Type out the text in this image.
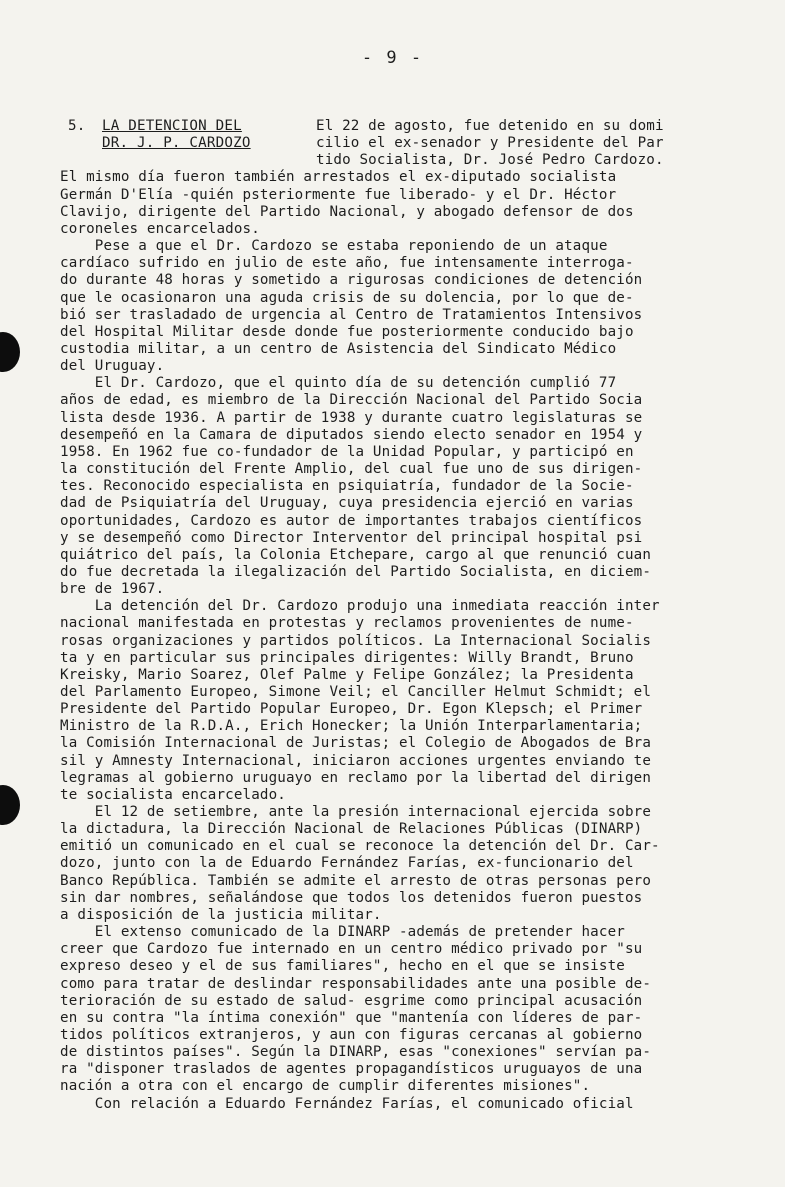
- 9 -
5. LA DETENCION DEL
DR. J. P. CARDOZO
El 22 de agosto, fue detenido en su domi
cilio el ex-senador y Presidente del Par
tido Socialista, Dr. José Pedro Cardozo.
El mismo día fueron también arrestados el ex-diputado socialista
Germán D'Elía -quién psteriormente fue liberado- y el Dr. Héctor
Clavijo, dirigente del Partido Nacional, y abogado defensor de dos
coroneles encarcelados.
Pese a que el Dr. Cardozo se estaba reponiendo de un ataque
cardíaco sufrido en julio de este año, fue intensamente interroga-
do durante 48 horas y sometido a rigurosas condiciones de detención
que le ocasionaron una aguda crisis de su dolencia, por lo que de-
bió ser trasladado de urgencia al Centro de Tratamientos Intensivos
del Hospital Militar desde donde fue posteriormente conducido bajo
custodia militar, a un centro de Asistencia del Sindicato Médico
del Uruguay.
El Dr. Cardozo, que el quinto día de su detención cumplió 77
años de edad, es miembro de la Dirección Nacional del Partido Socia
lista desde 1936. A partir de 1938 y durante cuatro legislaturas se
desempeñó en la Camara de diputados siendo electo senador en 1954 y
1958. En 1962 fue co-fundador de la Unidad Popular, y participó en
la constitución del Frente Amplio, del cual fue uno de sus dirigen-
tes. Reconocido especialista en psiquiatría, fundador de la Socie-
dad de Psiquiatría del Uruguay, cuya presidencia ejerció en varias
oportunidades, Cardozo es autor de importantes trabajos científicos
y se desempeñó como Director Interventor del principal hospital psi
quiátrico del país, la Colonia Etchepare, cargo al que renunció cuan
do fue decretada la ilegalización del Partido Socialista, en diciem-
bre de 1967.
La detención del Dr. Cardozo produjo una inmediata reacción inter
nacional manifestada en protestas y reclamos provenientes de nume-
rosas organizaciones y partidos políticos. La Internacional Socialis
ta y en particular sus principales dirigentes: Willy Brandt, Bruno
Kreisky, Mario Soarez, Olef Palme y Felipe González; la Presidenta
del Parlamento Europeo, Simone Veil; el Canciller Helmut Schmidt; el
Presidente del Partido Popular Europeo, Dr. Egon Klepsch; el Primer
Ministro de la R.D.A., Erich Honecker; la Unión Interparlamentaria;
la Comisión Internacional de Juristas; el Colegio de Abogados de Bra
sil y Amnesty Internacional, iniciaron acciones urgentes enviando te
legramas al gobierno uruguayo en reclamo por la libertad del dirigen
te socialista encarcelado.
El 12 de setiembre, ante la presión internacional ejercida sobre
la dictadura, la Dirección Nacional de Relaciones Públicas (DINARP)
emitió un comunicado en el cual se reconoce la detención del Dr. Car-
dozo, junto con la de Eduardo Fernández Farías, ex-funcionario del
Banco República. También se admite el arresto de otras personas pero
sin dar nombres, señalándose que todos los detenidos fueron puestos
a disposición de la justicia militar.
El extenso comunicado de la DINARP -además de pretender hacer
creer que Cardozo fue internado en un centro médico privado por "su
expreso deseo y el de sus familiares", hecho en el que se insiste
como para tratar de deslindar responsabilidades ante una posible de-
terioración de su estado de salud- esgrime como principal acusación
en su contra "la íntima conexión" que "mantenía con líderes de par-
tidos políticos extranjeros, y aun con figuras cercanas al gobierno
de distintos países". Según la DINARP, esas "conexiones" servían pa-
ra "disponer traslados de agentes propagandísticos uruguayos de una
nación a otra con el encargo de cumplir diferentes misiones".
Con relación a Eduardo Fernández Farías, el comunicado oficial
